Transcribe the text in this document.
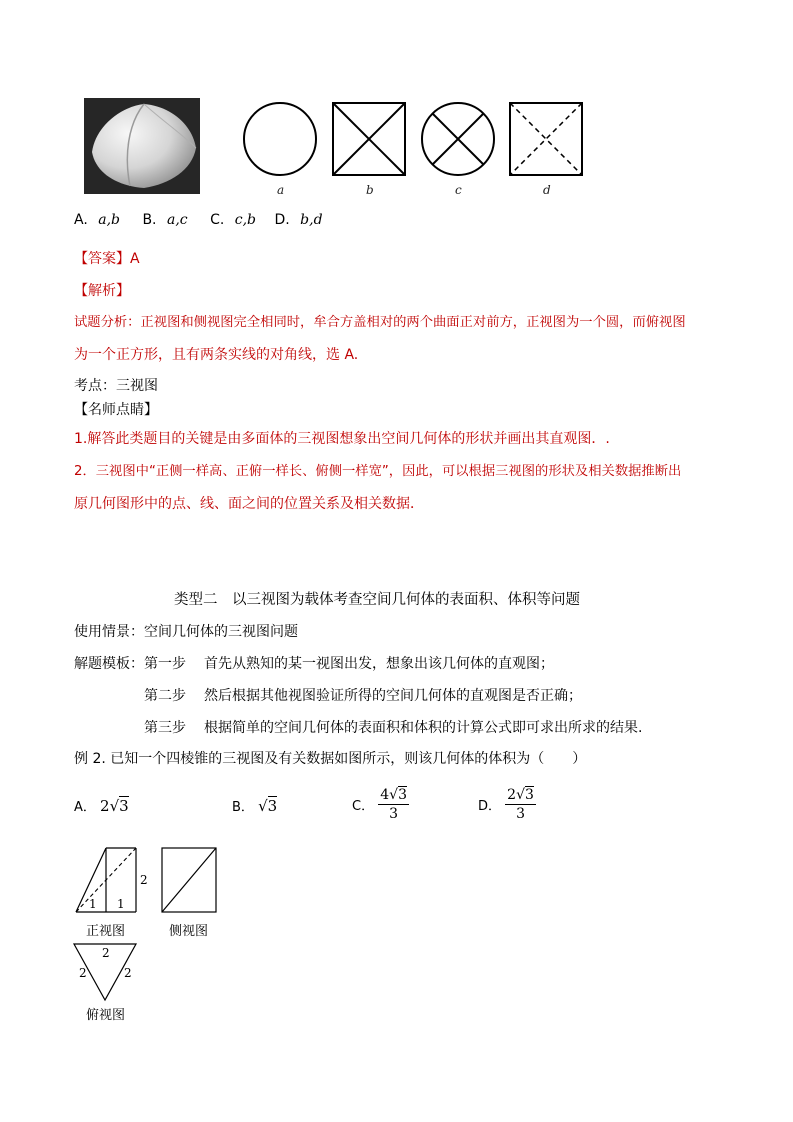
a	b	c	d
A. a,b B. a,c C. c,b D. b,d
【答案】A
【解析】
试题分析：正视图和侧视图完全相同时，牟合方盖相对的两个曲面正对前方，正视图为一个圆，而俯视图
为一个正方形，且有两条实线的对角线，选 A.
考点：三视图
【名师点睛】
1.解答此类题目的关键是由多面体的三视图想象出空间几何体的形状并画出其直观图．.
2．三视图中“正侧一样高、正俯一样长、俯侧一样宽”，因此，可以根据三视图的形状及相关数据推断出
原几何图形中的点、线、面之间的位置关系及相关数据．
类型二　以三视图为载体考查空间几何体的表面积、体积等问题
使用情景：空间几何体的三视图问题
解题模板：第一步 首先从熟知的某一视图出发，想象出该几何体的直观图；
第二步 然后根据其他视图验证所得的空间几何体的直观图是否正确；
第三步 根据简单的空间几何体的表面积和体积的计算公式即可求出所求的结果.
例 2. 已知一个四棱锥的三视图及有关数据如图所示，则该几何体的体积为（　　）
A． 2√3	B． √3	C． $\frac{4√3}{3}$	D． $\frac{2√3}{3}$
2
1 1
正视图	侧视图
2
2	2
俯视图
